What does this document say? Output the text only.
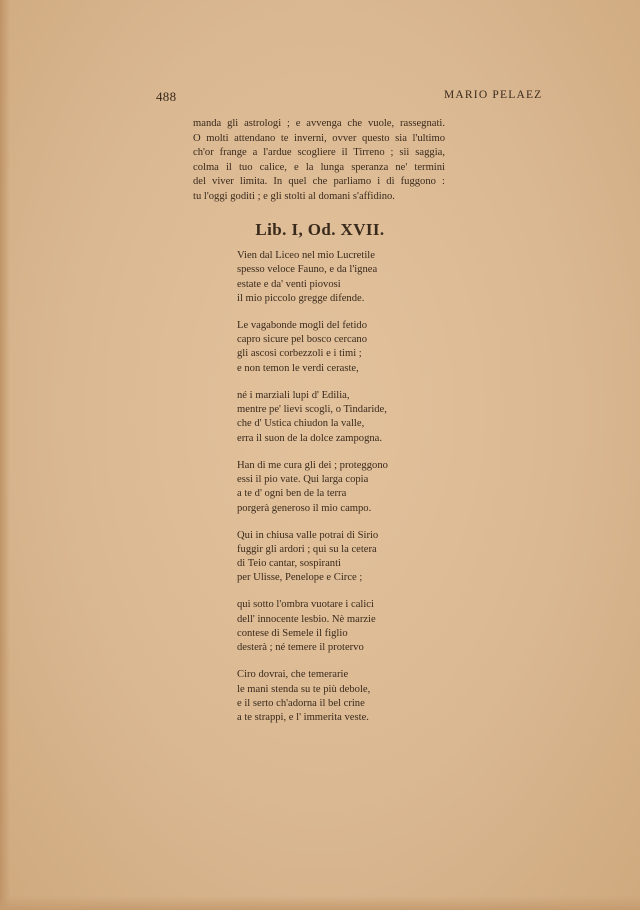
488	MARIO PELAEZ
manda gli astrologi ; e avvenga che vuole, rassegnati.
O molti attendano te inverni, ovver questo sia l'ultimo
ch'or frange a l'ardue scogliere il Tirreno ; sii saggia,
colma il tuo calice, e la lunga speranza ne' termini
del viver limita. In quel che parliamo i dì fuggono :
tu l'oggi goditi ; e gli stolti al domani s'affidino.
Lib. I, Od. XVII.
Vien dal Liceo nel mio Lucretile
spesso veloce Fauno, e da l'ignea
estate e da' venti piovosi
il mio piccolo gregge difende.
Le vagabonde mogli del fetido
capro sicure pel bosco cercano
gli ascosi corbezzoli e i timi ;
e non temon le verdi ceraste,
né i marzìali lupi d' Edilia,
mentre pe' lievi scogli, o Tindaride,
che d' Ustica chiudon la valle,
erra il suon de la dolce zampogna.
Han di me cura gli dei ; proteggono
essi il pio vate. Qui larga copia
a te d' ogni ben de la terra
porgerà generoso il mio campo.
Qui in chiusa valle potrai di Sirio
fuggir gli ardori ; qui su la cetera
di Teio cantar, sospiranti
per Ulisse, Penelope e Circe ;
qui sotto l'ombra vuotare i calici
dell' innocente lesbio. Nè marzie
contese di Semele il figlio
desterà ; né temere il protervo
Ciro dovrai, che temerarie
le mani stenda su te più debole,
e il serto ch'adorna il bel crine
a te strappi, e l' immerita veste.
